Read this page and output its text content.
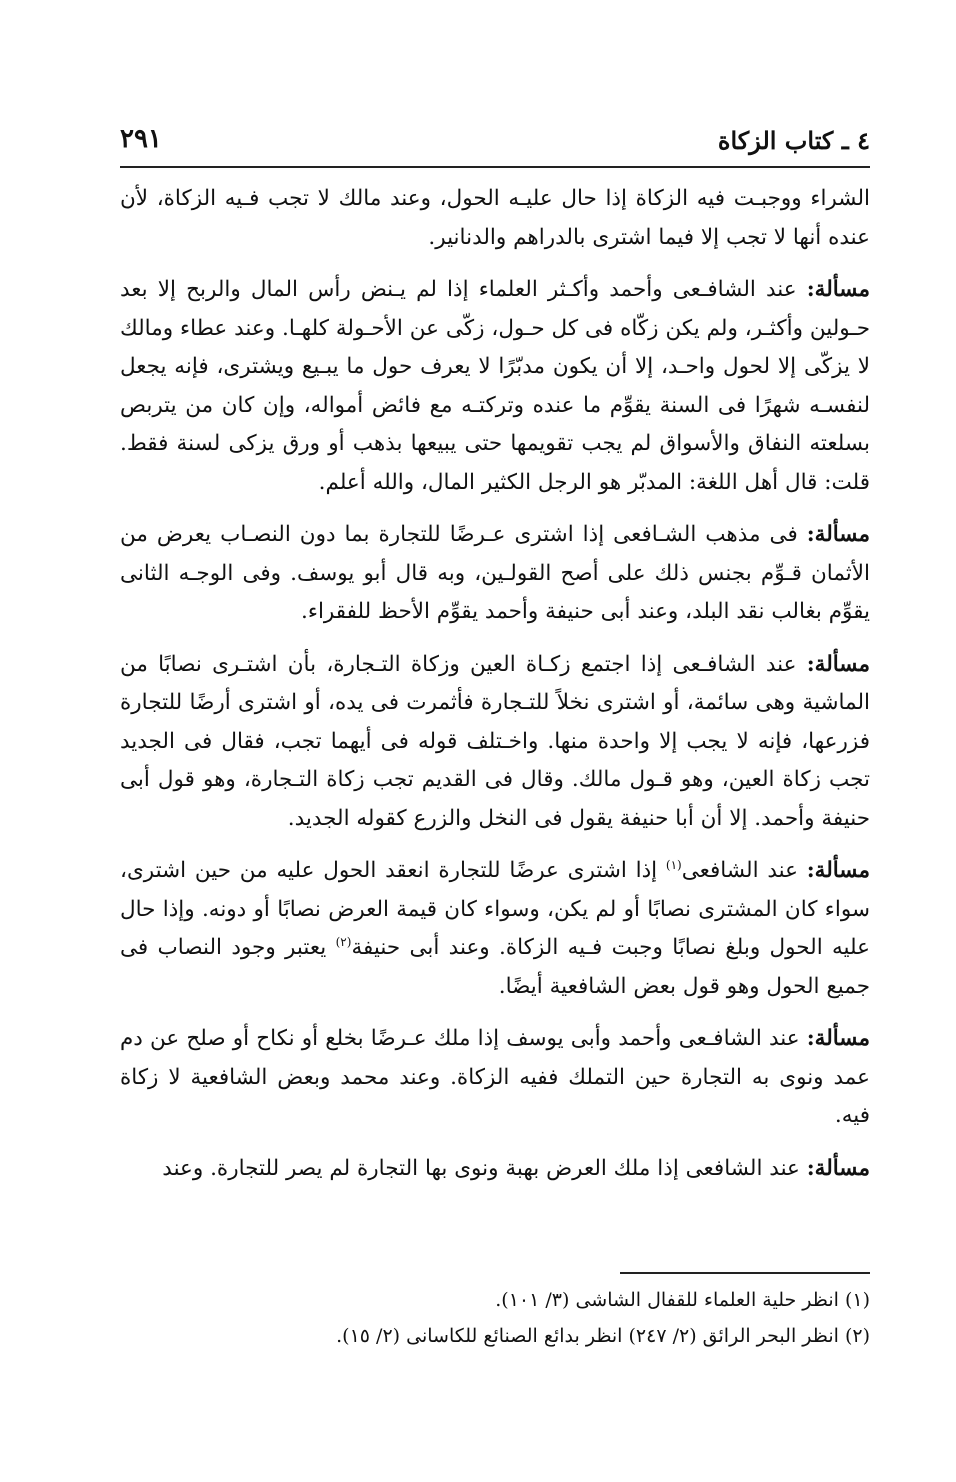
٤ ـ كتاب الزكاة
٢٩١

الشراء ووجبـت فيه الزكاة إذا حال عليـه الحول، وعند مالك لا تجب فـيه الزكاة، لأن عنده أنها لا تجب إلا فيما اشترى بالدراهم والدنانير.

مسألة: عند الشافـعى وأحمد وأكـثر العلماء إذا لم يـنض رأس المال والربح إلا بعد حـولين وأكثـر، ولم يكن زكّاه فى كل حـول، زكّى عن الأحـولة كلهـا. وعند عطاء ومالك لا يزكّى إلا لحول واحـد، إلا أن يكون مدبّرًا لا يعرف حول ما يبـيع ويشترى، فإنه يجعل لنفسـه شهرًا فى السنة يقوِّم ما عنده وتركتـه مع فائض أمواله، وإن كان من يتربص بسلعته النفاق والأسواق لم يجب تقويمها حتى يبيعها بذهب أو ورق يزكى لسنة فقط. قلت: قال أهل اللغة: المدبّر هو الرجل الكثير المال، والله أعلم.

مسألة: فى مذهب الشـافعى إذا اشترى عـرضًا للتجارة بما دون النصـاب يعرض من الأثمان قـوِّم بجنس ذلك على أصح القولـين، وبه قال أبو يوسف. وفى الوجـه الثانى يقوِّم بغالب نقد البلد، وعند أبى حنيفة وأحمد يقوِّم الأحظ للفقراء.

مسألة: عند الشافـعى إذا اجتمع زكـاة العين وزكاة التـجارة، بأن اشتـرى نصابًا من الماشية وهى سائمة، أو اشترى نخلاً للتـجارة فأثمرت فى يده، أو اشترى أرضًا للتجارة فزرعها، فإنه لا يجب إلا واحدة منها. واخـتلف قوله فى أيهما تجب، فقال فى الجديد تجب زكاة العين، وهو قـول مالك. وقال فى القديم تجب زكاة التـجارة، وهو قول أبى حنيفة وأحمد. إلا أن أبا حنيفة يقول فى النخل والزرع كقوله الجديد.

مسألة: عند الشافعى$^{(١)}$ إذا اشترى عرضًا للتجارة انعقد الحول عليه من حين اشترى، سواء كان المشترى نصابًا أو لم يكن، وسواء كان قيمة العرض نصابًا أو دونه. وإذا حال عليه الحول وبلغ نصابًا وجبت فـيه الزكاة. وعند أبى حنيفة$^{(٢)}$ يعتبر وجود النصاب فى جميع الحول وهو قول بعض الشافعية أيضًا.

مسألة: عند الشافـعى وأحمد وأبى يوسف إذا ملك عـرضًا بخلع أو نكاح أو صلح عن دم عمد ونوى به التجارة حين التملك ففيه الزكاة. وعند محمد وبعض الشافعية لا زكاة فيه.

مسألة: عند الشافعى إذا ملك العرض بهبة ونوى بها التجارة لم يصر للتجارة. وعند

(١) انظر حلية العلماء للقفال الشاشى (٣/ ١٠١).

(٢) انظر البحر الرائق (٢/ ٢٤٧) انظر بدائع الصنائع للكاسانى (٢/ ١٥).
